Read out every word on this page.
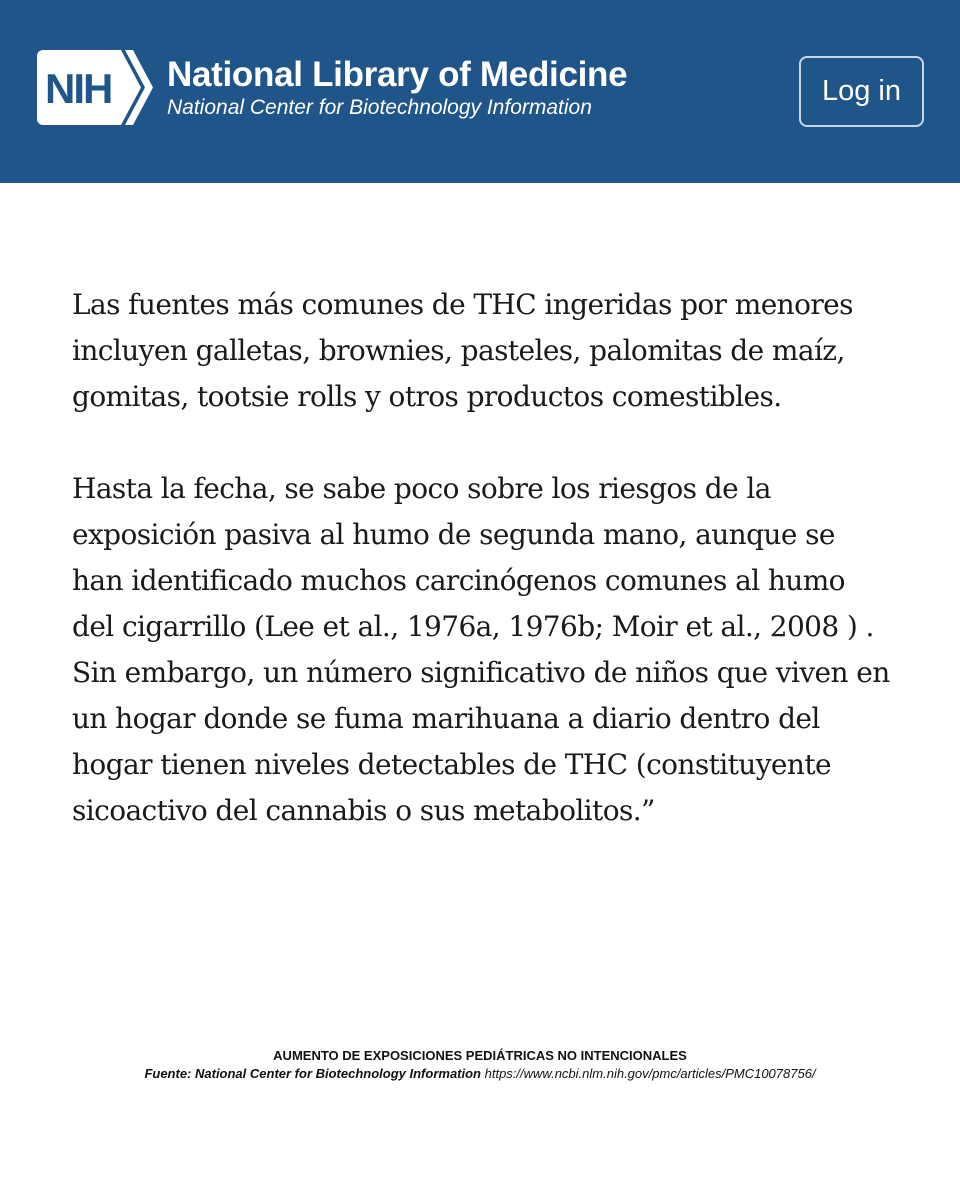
NIH National Library of Medicine
National Center for Biotechnology Information	Log in

Las fuentes más comunes de THC ingeridas por menores incluyen galletas, brownies, pasteles, palomitas de maíz, gomitas, tootsie rolls y otros productos comestibles.

Hasta la fecha, se sabe poco sobre los riesgos de la exposición pasiva al humo de segunda mano, aunque se han identificado muchos carcinógenos comunes al humo del cigarrillo (Lee et al., 1976a, 1976b; Moir et al., 2008 ) . Sin embargo, un número significativo de niños que viven en un hogar donde se fuma marihuana a diario dentro del hogar tienen niveles detectables de THC (constituyente sicoactivo del cannabis o sus metabolitos.”

AUMENTO DE EXPOSICIONES PEDIÁTRICAS NO INTENCIONALES
Fuente: National Center for Biotechnology Information https://www.ncbi.nlm.nih.gov/pmc/articles/PMC10078756/
